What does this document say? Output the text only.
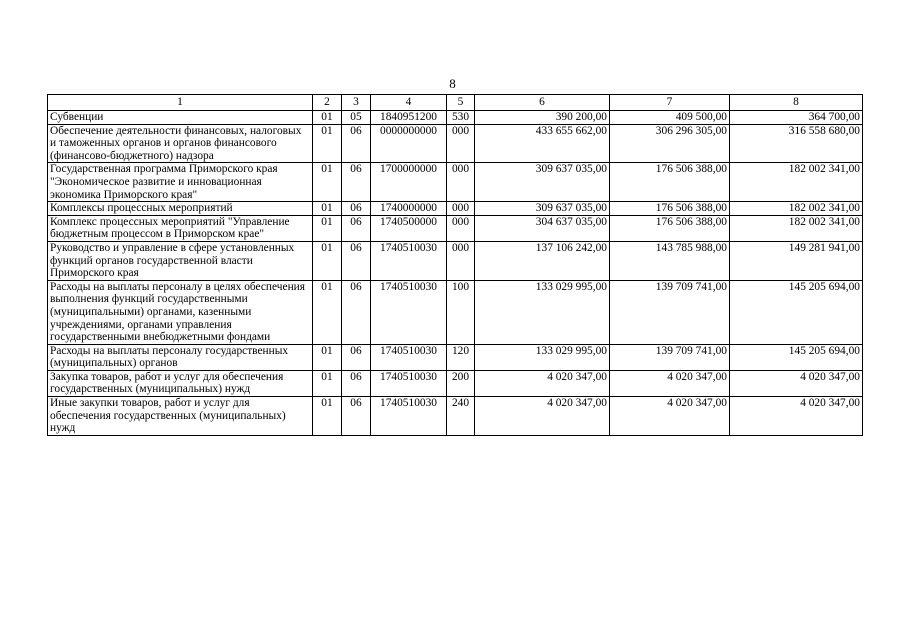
8
1	2	3	4	5	6	7	8
Субвенции	01	05	1840951200	530	390 200,00	409 500,00	364 700,00
Обеспечение деятельности финансовых, налоговых и таможенных органов и органов финансового (финансово-бюджетного) надзора	01	06	0000000000	000	433 655 662,00	306 296 305,00	316 558 680,00
Государственная программа Приморского края "Экономическое развитие и инновационная экономика Приморского края"	01	06	1700000000	000	309 637 035,00	176 506 388,00	182 002 341,00
Комплексы процессных мероприятий	01	06	1740000000	000	309 637 035,00	176 506 388,00	182 002 341,00
Комплекс процессных мероприятий "Управление бюджетным процессом в Приморском крае"	01	06	1740500000	000	304 637 035,00	176 506 388,00	182 002 341,00
Руководство и управление в сфере установленных функций органов государственной власти Приморского края	01	06	1740510030	000	137 106 242,00	143 785 988,00	149 281 941,00
Расходы на выплаты персоналу в целях обеспечения выполнения функций государственными (муниципальными) органами, казенными учреждениями, органами управления государственными внебюджетными фондами	01	06	1740510030	100	133 029 995,00	139 709 741,00	145 205 694,00
Расходы на выплаты персоналу государственных (муниципальных) органов	01	06	1740510030	120	133 029 995,00	139 709 741,00	145 205 694,00
Закупка товаров, работ и услуг для обеспечения государственных (муниципальных) нужд	01	06	1740510030	200	4 020 347,00	4 020 347,00	4 020 347,00
Иные закупки товаров, работ и услуг для обеспечения государственных (муниципальных) нужд	01	06	1740510030	240	4 020 347,00	4 020 347,00	4 020 347,00
